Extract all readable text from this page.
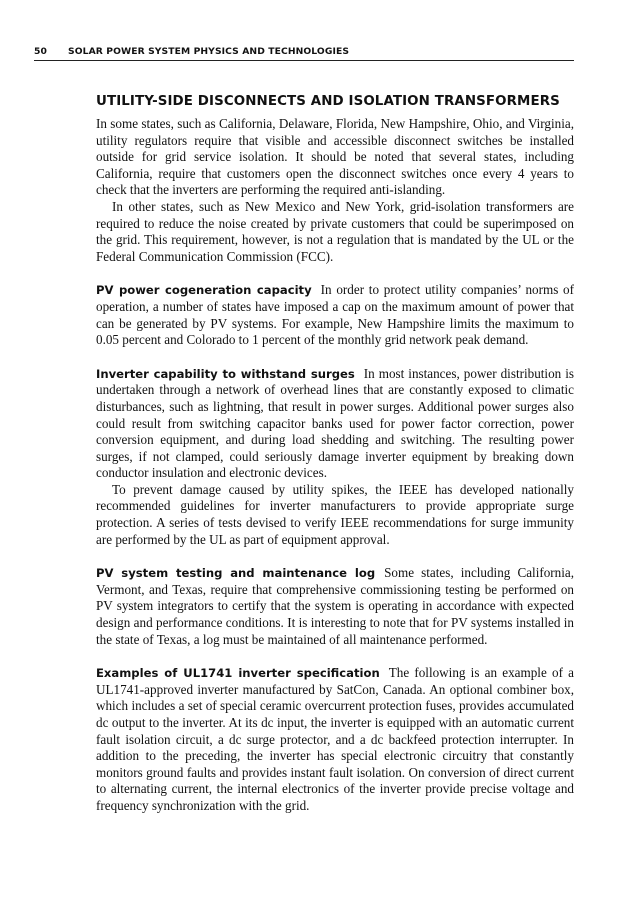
50 SOLAR POWER SYSTEM PHYSICS AND TECHNOLOGIES
UTILITY-SIDE DISCONNECTS AND ISOLATION TRANSFORMERS

In some states, such as California, Delaware, Florida, New Hampshire, Ohio, and Virginia, utility regulators require that visible and accessible disconnect switches be installed outside for grid service isolation. It should be noted that several states, including California, require that customers open the disconnect switches once every 4 years to check that the inverters are performing the required anti-islanding.

In other states, such as New Mexico and New York, grid-isolation transformers are required to reduce the noise created by private customers that could be superimposed on the grid. This requirement, however, is not a regulation that is mandated by the UL or the Federal Communication Commission (FCC).

PV power cogeneration capacity In order to protect utility companies’ norms of operation, a number of states have imposed a cap on the maximum amount of power that can be generated by PV systems. For example, New Hampshire limits the maximum to 0.05 percent and Colorado to 1 percent of the monthly grid network peak demand.

Inverter capability to withstand surges In most instances, power distribution is undertaken through a network of overhead lines that are constantly exposed to climatic disturbances, such as lightning, that result in power surges. Additional power surges also could result from switching capacitor banks used for power factor correction, power conversion equipment, and during load shedding and switching. The resulting power surges, if not clamped, could seriously damage inverter equipment by breaking down conductor insulation and electronic devices.

To prevent damage caused by utility spikes, the IEEE has developed nationally recommended guidelines for inverter manufacturers to provide appropriate surge protection. A series of tests devised to verify IEEE recommendations for surge immunity are performed by the UL as part of equipment approval.

PV system testing and maintenance log Some states, including California, Vermont, and Texas, require that comprehensive commissioning testing be performed on PV system integrators to certify that the system is operating in accordance with expected design and performance conditions. It is interesting to note that for PV systems installed in the state of Texas, a log must be maintained of all maintenance performed.

Examples of UL1741 inverter specification The following is an example of a UL1741-approved inverter manufactured by SatCon, Canada. An optional combiner box, which includes a set of special ceramic overcurrent protection fuses, provides accumulated dc output to the inverter. At its dc input, the inverter is equipped with an automatic current fault isolation circuit, a dc surge protector, and a dc backfeed protection interrupter. In addition to the preceding, the inverter has special electronic circuitry that constantly monitors ground faults and provides instant fault isolation. On conversion of direct current to alternating current, the internal electronics of the inverter provide precise voltage and frequency synchronization with the grid.
